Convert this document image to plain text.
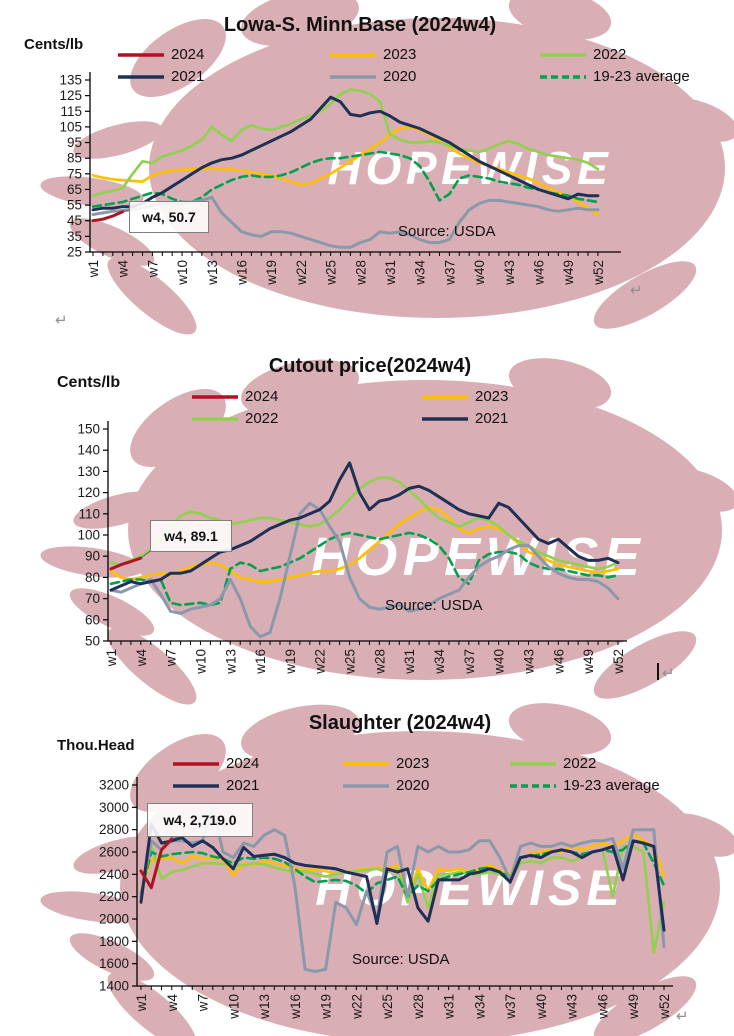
HOPEWISE
HOPEWISE
HOPEWISE
Cents/lb
Lowa-S. Minn.Base (2024w4)
2024	2023	2022
2021	2020	19-23 average
25
35
45
55
65
75
85
95
105
115
125
135
w1 w4 w7 w10 w13 w16 w19 w22 w25 w28 w31 w34 w37 w40 w43 w46 w49 w52
w4, 50.7
Source: USDA
↵
↵
Cents/lb
Cutout price(2024w4)
2024	2023
2022	2021
50
60
70
80
90
100
110
120
130
140
150
w1 w4 w7 w10 w13 w16 w19 w22 w25 w28 w31 w34 w37 w40 w43 w46 w49 w52
w4, 89.1
Source: USDA
↵
Thou.Head
Slaughter (2024w4)
2024	2023	2022
2021	2020	19-23 average
1400
1600
1800
2000
2200
2400
2600
2800
3000
3200
w1 w4 w7 w10 w13 w16 w19 w22 w25 w28 w31 w34 w37 w40 w43 w46 w49 w52
w4, 2,719.0
Source: USDA
↵
